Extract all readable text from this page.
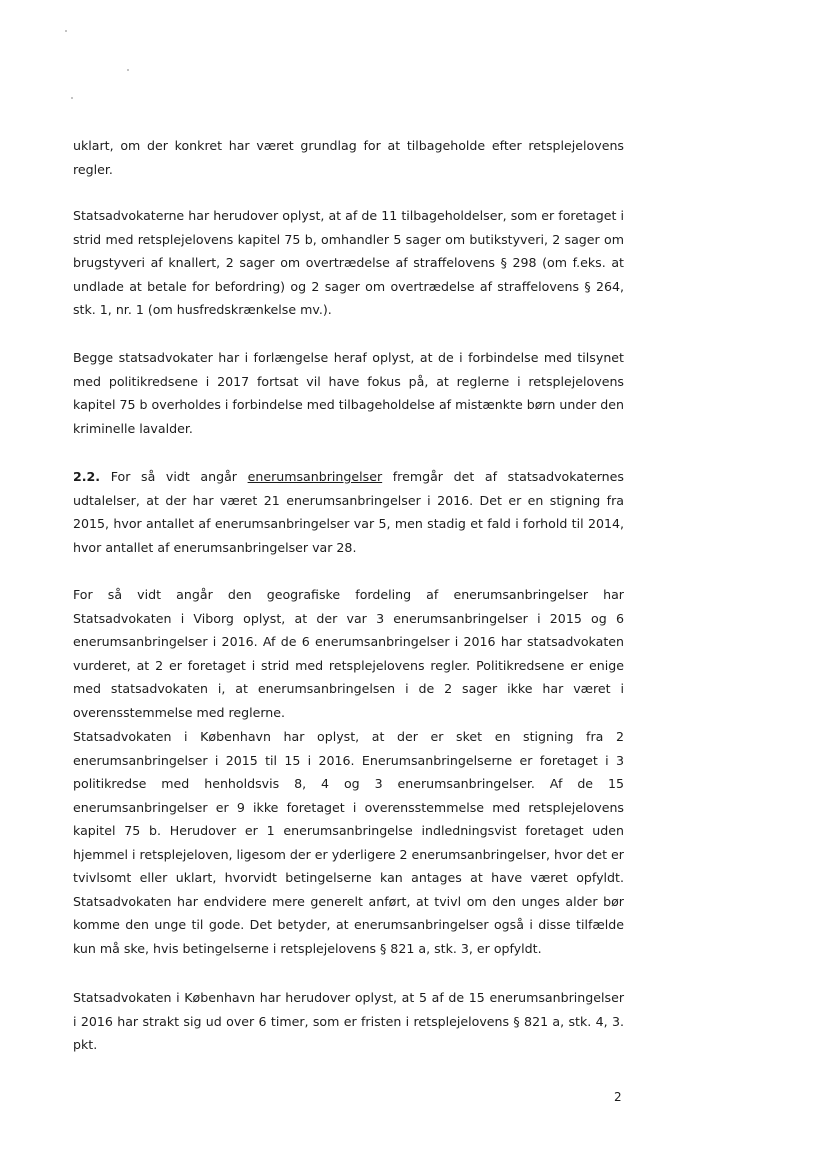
uklart, om der konkret har været grundlag for at tilbageholde efter retsplejelovens regler.

Statsadvokaterne har herudover oplyst, at af de 11 tilbageholdelser, som er foretaget i strid med retsplejelovens kapitel 75 b, omhandler 5 sager om butikstyveri, 2 sager om brugstyveri af knallert, 2 sager om overtrædelse af straffelovens § 298 (om f.eks. at undlade at betale for befordring) og 2 sager om overtrædelse af straffelovens § 264, stk. 1, nr. 1 (om husfredskrænkelse mv.).

Begge statsadvokater har i forlængelse heraf oplyst, at de i forbindelse med tilsynet med politikredsene i 2017 fortsat vil have fokus på, at reglerne i retsplejelovens kapitel 75 b overholdes i forbindelse med tilbageholdelse af mistænkte børn under den kriminelle lavalder.

2.2. For så vidt angår enerumsanbringelser fremgår det af statsadvokaternes udtalelser, at der har været 21 enerumsanbringelser i 2016. Det er en stigning fra 2015, hvor antallet af enerumsanbringelser var 5, men stadig et fald i forhold til 2014, hvor antallet af enerumsanbringelser var 28.

For så vidt angår den geografiske fordeling af enerumsanbringelser har Statsadvokaten i Viborg oplyst, at der var 3 enerumsanbringelser i 2015 og 6 enerumsanbringelser i 2016. Af de 6 enerumsanbringelser i 2016 har statsadvokaten vurderet, at 2 er foretaget i strid med retsplejelovens regler. Politikredsene er enige med statsadvokaten i, at enerumsanbringelsen i de 2 sager ikke har været i overensstemmelse med reglerne.

Statsadvokaten i København har oplyst, at der er sket en stigning fra 2 enerumsanbringelser i 2015 til 15 i 2016. Enerumsanbringelserne er foretaget i 3 politikredse med henholdsvis 8, 4 og 3 enerumsanbringelser. Af de 15 enerumsanbringelser er 9 ikke foretaget i overensstemmelse med retsplejelovens kapitel 75 b. Herudover er 1 enerumsanbringelse indledningsvist foretaget uden hjemmel i retsplejeloven, ligesom der er yderligere 2 enerumsanbringelser, hvor det er tvivlsomt eller uklart, hvorvidt betingelserne kan antages at have været opfyldt. Statsadvokaten har endvidere mere generelt anført, at tvivl om den unges alder bør komme den unge til gode. Det betyder, at enerumsanbringelser også i disse tilfælde kun må ske, hvis betingelserne i retsplejelovens § 821 a, stk. 3, er opfyldt.

Statsadvokaten i København har herudover oplyst, at 5 af de 15 enerumsanbringelser i 2016 har strakt sig ud over 6 timer, som er fristen i retsplejelovens § 821 a, stk. 4, 3. pkt.

2
